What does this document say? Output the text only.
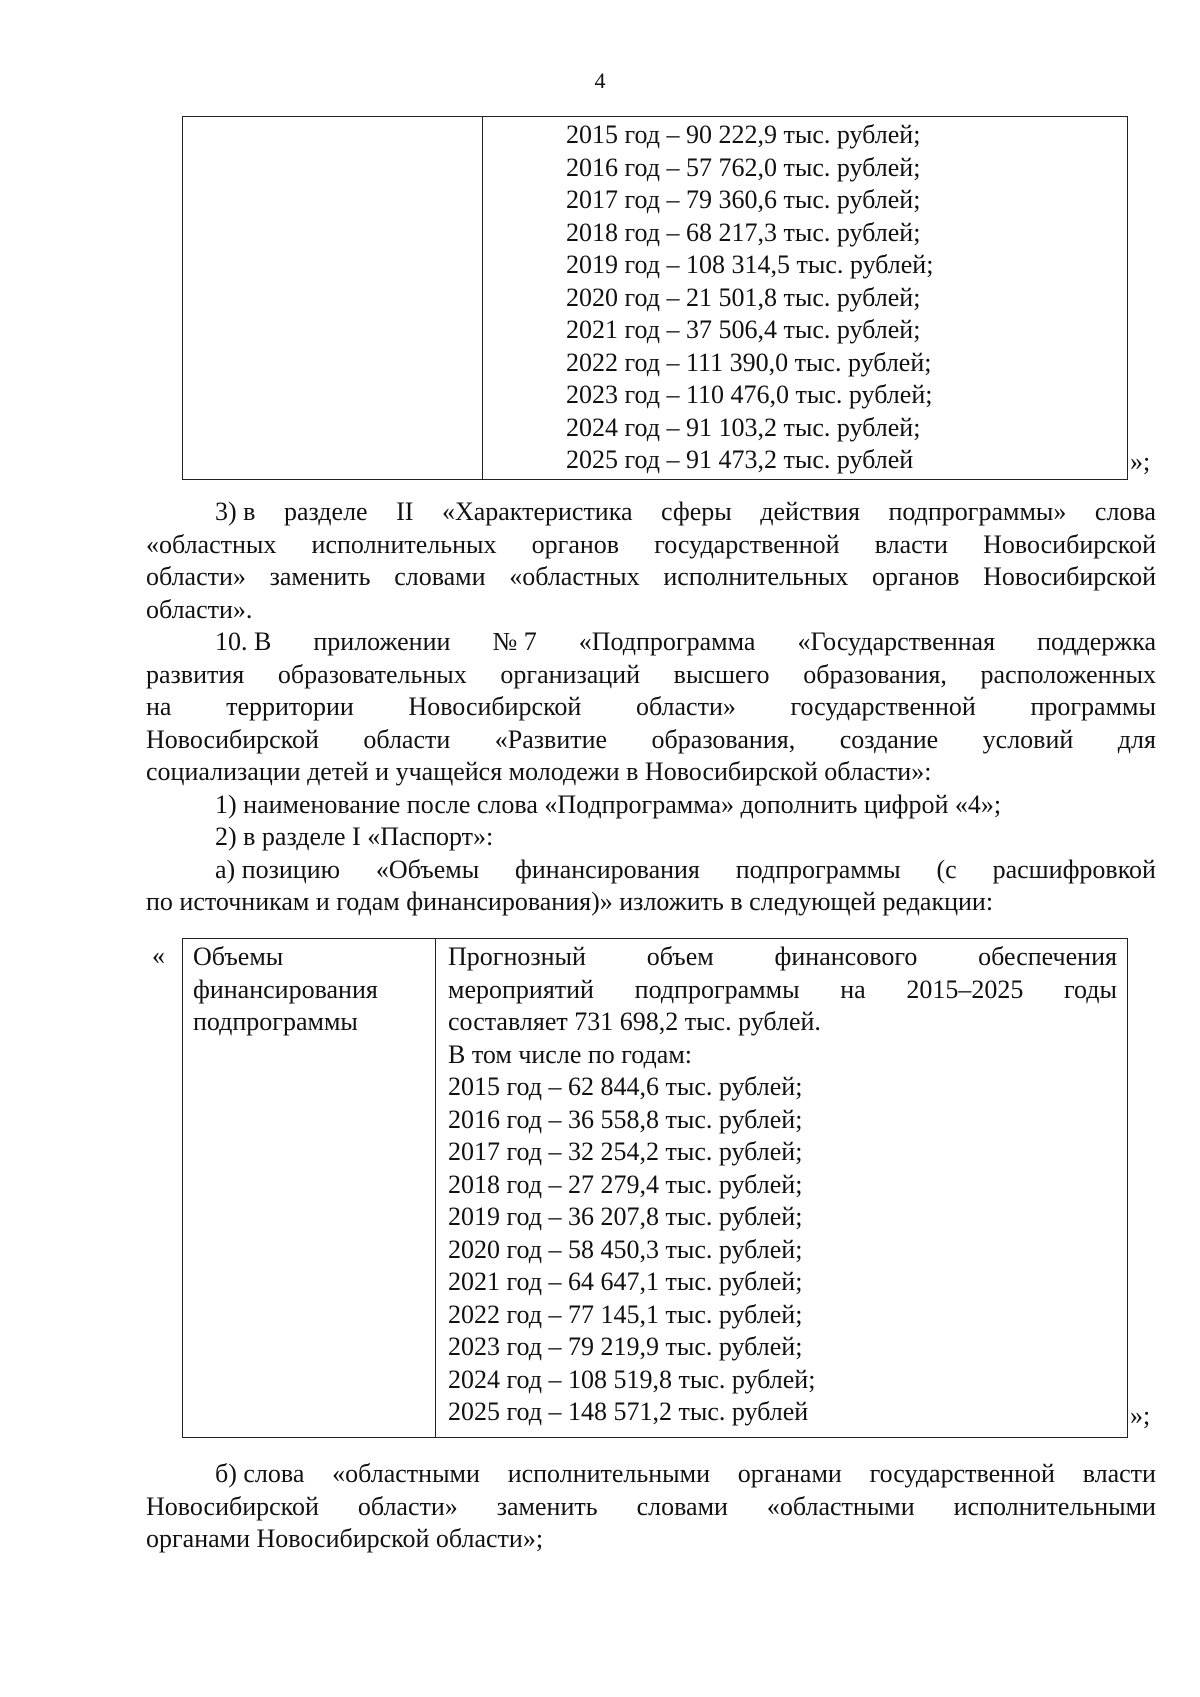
4
2015 год – 90 222,9 тыс. рублей;
2016 год – 57 762,0 тыс. рублей;
2017 год – 79 360,6 тыс. рублей;
2018 год – 68 217,3 тыс. рублей;
2019 год – 108 314,5 тыс. рублей;
2020 год – 21 501,8 тыс. рублей;
2021 год – 37 506,4 тыс. рублей;
2022 год – 111 390,0 тыс. рублей;
2023 год – 110 476,0 тыс. рублей;
2024 год – 91 103,2 тыс. рублей;
2025 год – 91 473,2 тыс. рублей	»;
3) в разделе II «Характеристика сферы действия подпрограммы» слова
«областных исполнительных органов государственной власти Новосибирской
области» заменить словами «областных исполнительных органов Новосибирской
области».
10. В приложении № 7 «Подпрограмма «Государственная поддержка
развития образовательных организаций высшего образования, расположенных
на территории Новосибирской области» государственной программы
Новосибирской области «Развитие образования, создание условий для
социализации детей и учащейся молодежи в Новосибирской области»:
1) наименование после слова «Подпрограмма» дополнить цифрой «4»;
2) в разделе I «Паспорт»:
а) позицию «Объемы финансирования подпрограммы (с расшифровкой
по источникам и годам финансирования)» изложить в следующей редакции:
« Объемы
финансирования
подпрограммы
Прогнозный объем финансового обеспечения
мероприятий подпрограммы на 2015–2025 годы
составляет 731 698,2 тыс. рублей.
В том числе по годам:
2015 год – 62 844,6 тыс. рублей;
2016 год – 36 558,8 тыс. рублей;
2017 год – 32 254,2 тыс. рублей;
2018 год – 27 279,4 тыс. рублей;
2019 год – 36 207,8 тыс. рублей;
2020 год – 58 450,3 тыс. рублей;
2021 год – 64 647,1 тыс. рублей;
2022 год – 77 145,1 тыс. рублей;
2023 год – 79 219,9 тыс. рублей;
2024 год – 108 519,8 тыс. рублей;
2025 год – 148 571,2 тыс. рублей	»;
б) слова «областными исполнительными органами государственной власти
Новосибирской области» заменить словами «областными исполнительными
органами Новосибирской области»;
